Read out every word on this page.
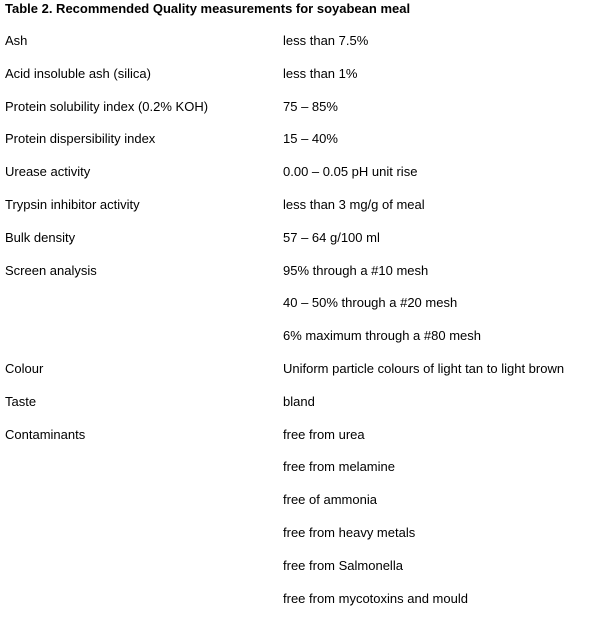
Table 2. Recommended Quality measurements for soyabean meal
Ash	less than 7.5%
Acid insoluble ash (silica)	less than 1%
Protein solubility index (0.2% KOH)	75 – 85%
Protein dispersibility index	15 – 40%
Urease activity	0.00 – 0.05 pH unit rise
Trypsin inhibitor activity	less than 3 mg/g of meal
Bulk density	57 – 64 g/100 ml
Screen analysis	95% through a #10 mesh
40 – 50% through a #20 mesh
6% maximum through a #80 mesh
Colour	Uniform particle colours of light tan to light brown
Taste	bland
Contaminants	free from urea
free from melamine
free of ammonia
free from heavy metals
free from Salmonella
free from mycotoxins and mould
